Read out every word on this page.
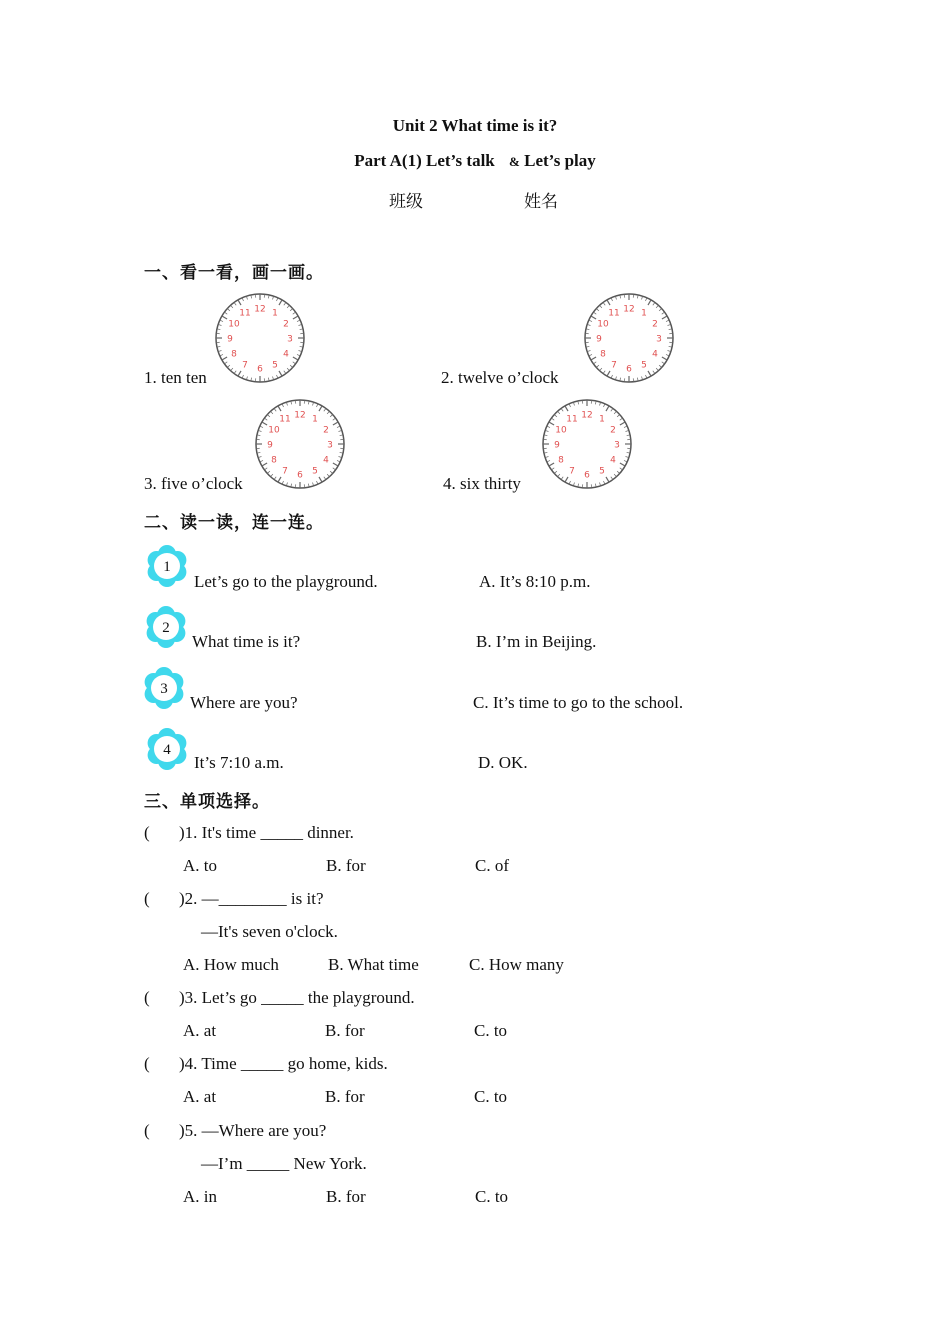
Unit 2 What time is it?
Part A(1) Let’s talk & Let’s play
班级	姓名
一、看一看，画一画。
1. ten ten	2. twelve o’clock
3. five o’clock	4. six thirty
12 1
2
3
4
5
6
7
8
9
10
11	12 1
2
3
4
5
6
7
8
9
10
11
12 1
2
3
4
5
6
7
8
9
10
11	12 1
2
3
4
5
6
7
8
9
10
11
二、读一读，连一连。
1
Let’s go to the playground.	A. It’s 8:10 p.m.
2
What time is it?	B. I’m in Beijing.
3
Where are you?	C. It’s time to go to the school.
4
It’s 7:10 a.m.	D. OK.
三、单项选择。
( )1. It's time _____ dinner.
A. to	B. for	C. of
( )2. —________ is it?
—It's seven o'clock.
A. How much	B. What time	C. How many
( )3. Let’s go _____ the playground.
A. at	B. for	C. to
( )4. Time _____ go home, kids.
A. at	B. for	C. to
( )5. —Where are you?
—I’m _____ New York.
A. in	B. for	C. to
